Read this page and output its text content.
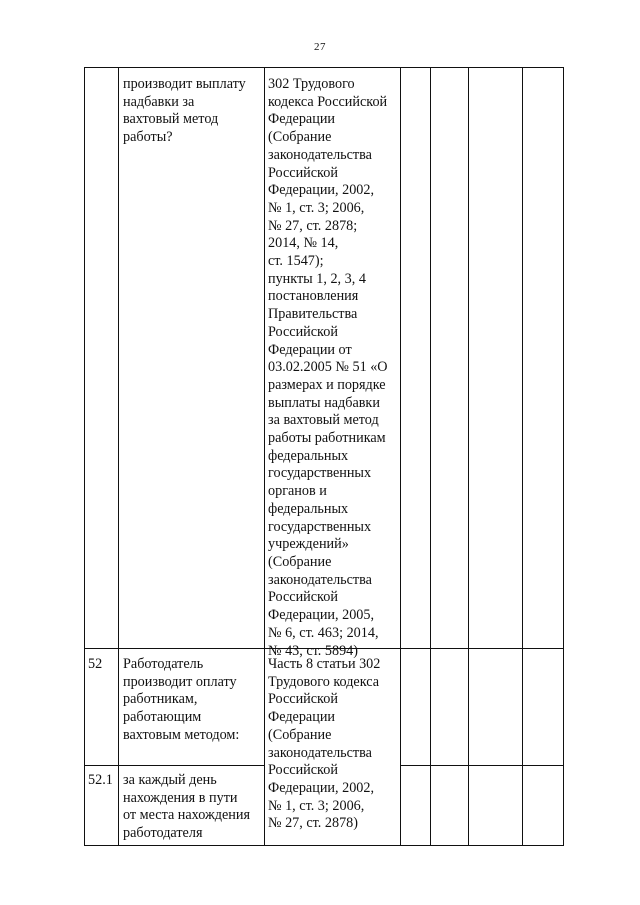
27
производит выплату
надбавки за
вахтовый метод
работы?
302 Трудового
кодекса Российской
Федерации
(Собрание
законодательства
Российской
Федерации, 2002,
№ 1, ст. 3; 2006,
№ 27, ст. 2878;
2014, № 14,
ст. 1547);
пункты 1, 2, 3, 4
постановления
Правительства
Российской
Федерации от
03.02.2005 № 51 «О
размерах и порядке
выплаты надбавки
за вахтовый метод
работы работникам
федеральных
государственных
органов и
федеральных
государственных
учреждений»
(Собрание
законодательства
Российской
Федерации, 2005,
№ 6, ст. 463; 2014,
№ 43, ст. 5894)
52 Работодатель
производит оплату
работникам,
работающим
вахтовым методом:
Часть 8 статьи 302
Трудового кодекса
Российской
Федерации
(Собрание
законодательства
Российской
Федерации, 2002,
№ 1, ст. 3; 2006,
№ 27, ст. 2878)
52.1 за каждый день
нахождения в пути
от места нахождения
работодателя
